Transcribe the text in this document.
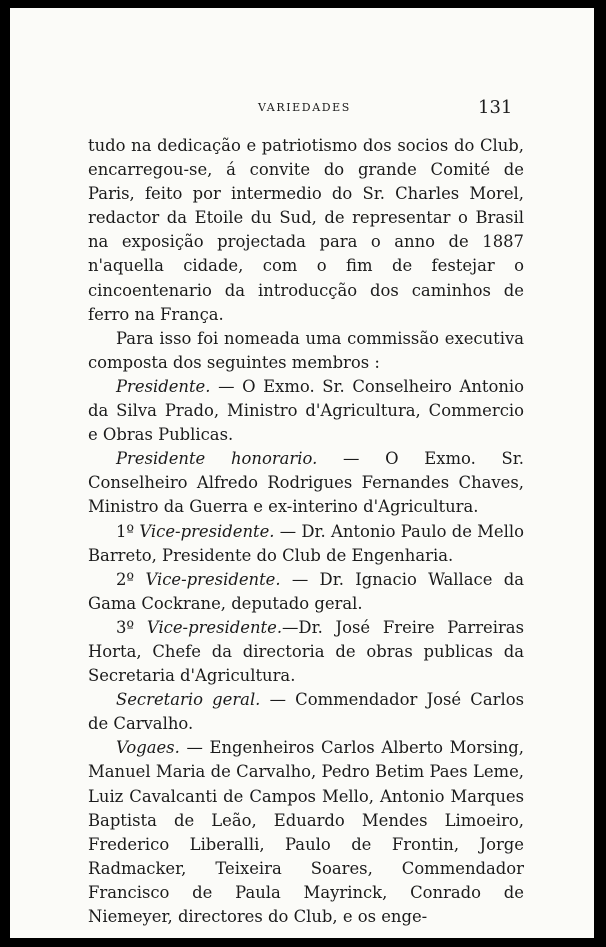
VARIEDADES	131

tudo na dedicação e patriotismo dos socios do Club, encarregou-se, á convite do grande Comité de Paris, feito por intermedio do Sr. Charles Morel, redactor da Etoile du Sud, de representar o Brasil na exposição projectada para o anno de 1887 n'aquella cidade, com o fim de festejar o cincoentenario da introducção dos caminhos de ferro na França.

Para isso foi nomeada uma commissão executiva composta dos seguintes membros :

Presidente. — O Exmo. Sr. Conselheiro Antonio da Silva Prado, Ministro d'Agricultura, Commercio e Obras Publicas.

Presidente honorario. — O Exmo. Sr. Conselheiro Alfredo Rodrigues Fernandes Chaves, Ministro da Guerra e ex-interino d'Agricultura.

1º Vice-presidente. — Dr. Antonio Paulo de Mello Barreto, Presidente do Club de Engenharia.

2º Vice-presidente. — Dr. Ignacio Wallace da Gama Cockrane, deputado geral.

3º Vice-presidente.—Dr. José Freire Parreiras Horta, Chefe da directoria de obras publicas da Secretaria d'Agricultura.

Secretario geral. — Commendador José Carlos de Carvalho.

Vogaes. — Engenheiros Carlos Alberto Morsing, Manuel Maria de Carvalho, Pedro Betim Paes Leme, Luiz Cavalcanti de Campos Mello, Antonio Marques Baptista de Leão, Eduardo Mendes Limoeiro, Frederico Liberalli, Paulo de Frontin, Jorge Radmacker, Teixeira Soares, Commendador Francisco de Paula Mayrinck, Conrado de Niemeyer, directores do Club, e os enge-
